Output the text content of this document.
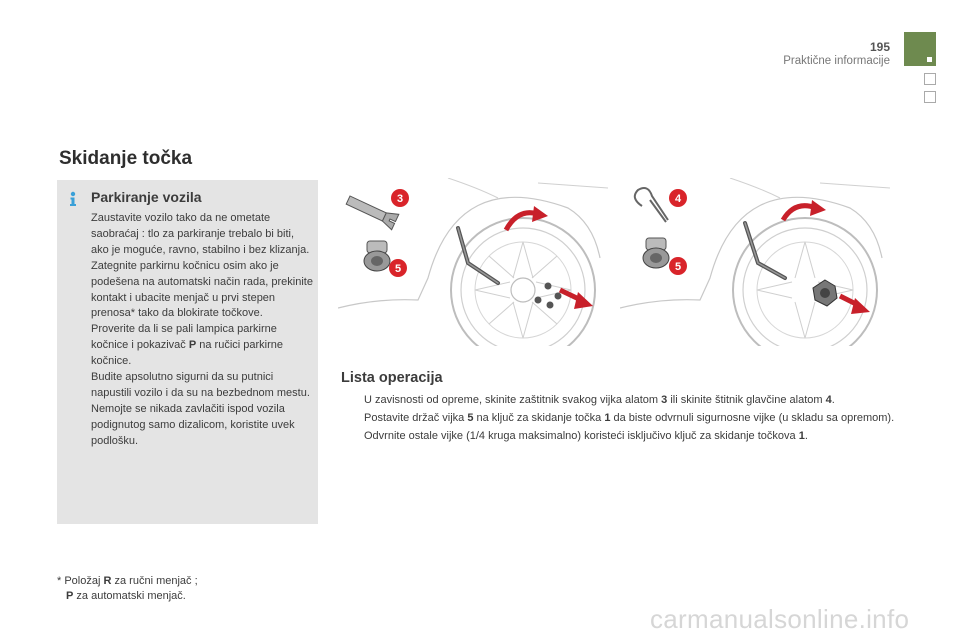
195
Praktične informacije
Skidanje točka
Parkiranje vozila

Zaustavite vozilo tako da ne ometate saobraćaj : tlo za parkiranje trebalo bi biti, ako je moguće, ravno, stabilno i bez klizanja.

Zategnite parkirnu kočnicu osim ako je podešena na automatski način rada, prekinite kontakt i ubacite menjač u prvi stepen prenosa* tako da blokirate točkove.

Proverite da li se pali lampica parkirne kočnice i pokazivač P na ručici parkirne kočnice.

Budite apsolutno sigurni da su putnici napustili vozilo i da su na bezbednom mestu.

Nemojte se nikada zavlačiti ispod vozila podignutog samo dizalicom, koristite uvek podlošku.

* Položaj R za ručni menjač ;
P za automatski menjač.
3
5
4
5
Lista operacija
U zavisnosti od opreme, skinite zaštitnik svakog vijka alatom 3 ili skinite štitnik glavčine alatom 4.
Postavite držač vijka 5 na ključ za skidanje točka 1 da biste odvrnuli sigurnosne vijke (u skladu sa opremom).
Odvrnite ostale vijke (1/4 kruga maksimalno) koristeći isključivo ključ za skidanje točkova 1.
carmanualsonline.info
